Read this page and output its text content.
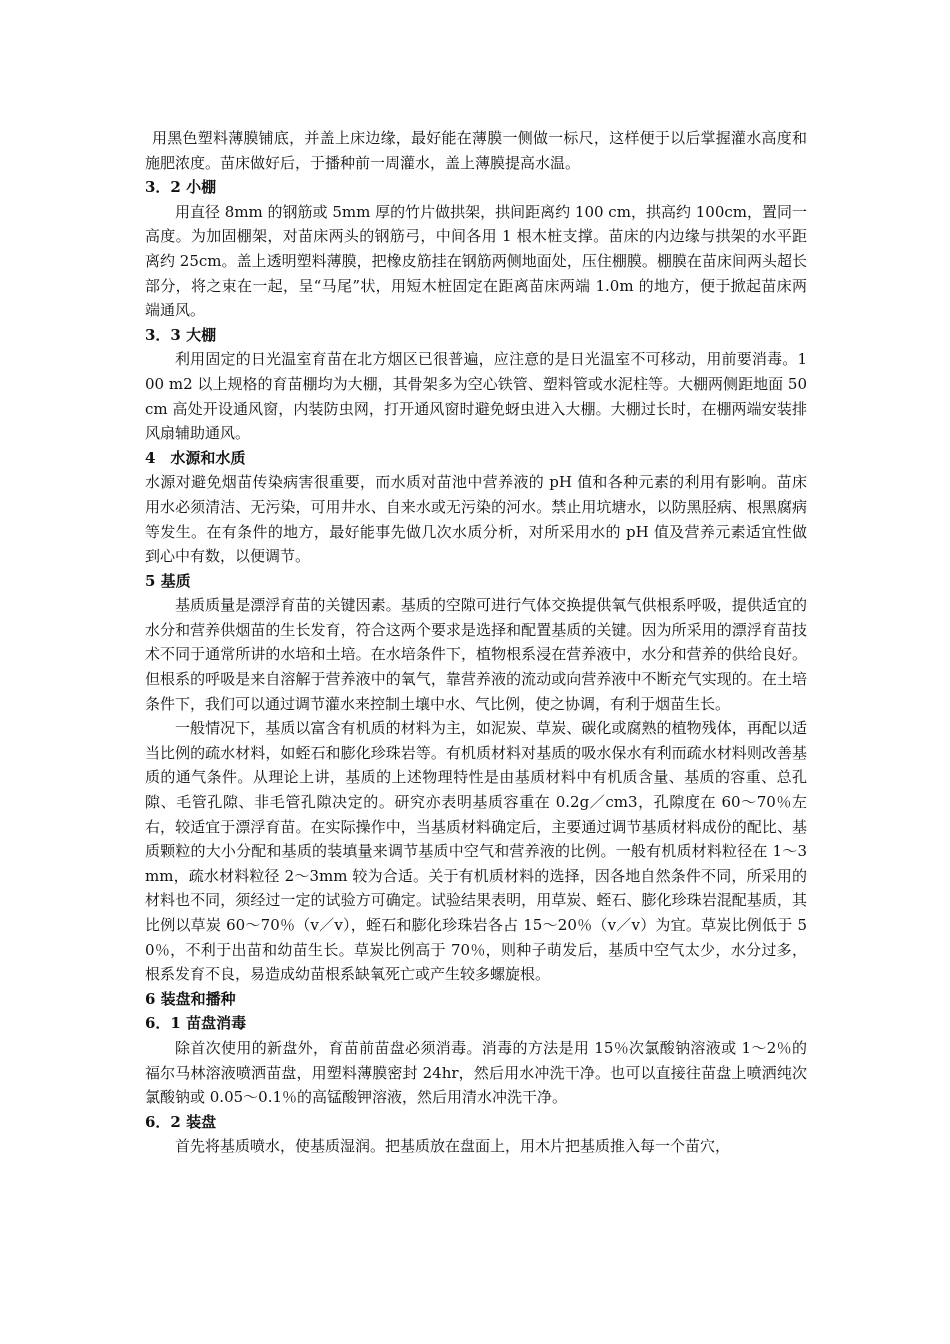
用黑色塑料薄膜铺底，并盖上床边缘，最好能在薄膜一侧做一标尺，这样便于以后掌握灌水高度和施肥浓度。苗床做好后，于播种前一周灌水，盖上薄膜提高水温。

3．2 小棚

用直径 8mm 的钢筋或 5mm 厚的竹片做拱架，拱间距离约 100 cm，拱高约 100cm，置同一高度。为加固棚架，对苗床两头的钢筋弓，中间各用 1 根木桩支撑。苗床的内边缘与拱架的水平距离约 25cm。盖上透明塑料薄膜，把橡皮筋挂在钢筋两侧地面处，压住棚膜。棚膜在苗床间两头超长部分，将之束在一起，呈“马尾”状，用短木桩固定在距离苗床两端 1.0m 的地方，便于掀起苗床两端通风。

3．3 大棚

利用固定的日光温室育苗在北方烟区已很普遍，应注意的是日光温室不可移动，用前要消毒。100 m2 以上规格的育苗棚均为大棚，其骨架多为空心铁管、塑料管或水泥柱等。大棚两侧距地面 50cm 高处开设通风窗，内装防虫网，打开通风窗时避免蚜虫进入大棚。大棚过长时，在棚两端安装排风扇辅助通风。

4　水源和水质

水源对避免烟苗传染病害很重要，而水质对苗池中营养液的 pH 值和各种元素的利用有影响。苗床用水必须清洁、无污染，可用井水、自来水或无污染的河水。禁止用坑塘水，以防黑胫病、根黑腐病等发生。在有条件的地方，最好能事先做几次水质分析，对所采用水的 pH 值及营养元素适宜性做到心中有数，以便调节。

5 基质

基质质量是漂浮育苗的关键因素。基质的空隙可进行气体交换提供氧气供根系呼吸，提供适宜的水分和营养供烟苗的生长发育，符合这两个要求是选择和配置基质的关键。因为所采用的漂浮育苗技术不同于通常所讲的水培和土培。在水培条件下，植物根系浸在营养液中，水分和营养的供给良好。但根系的呼吸是来自溶解于营养液中的氧气，靠营养液的流动或向营养液中不断充气实现的。在土培条件下，我们可以通过调节灌水来控制土壤中水、气比例，使之协调，有利于烟苗生长。

一般情况下，基质以富含有机质的材料为主，如泥炭、草炭、碳化或腐熟的植物残体，再配以适当比例的疏水材料，如蛭石和膨化珍珠岩等。有机质材料对基质的吸水保水有利而疏水材料则改善基质的通气条件。从理论上讲，基质的上述物理特性是由基质材料中有机质含量、基质的容重、总孔隙、毛管孔隙、非毛管孔隙决定的。研究亦表明基质容重在 0.2g／cm3，孔隙度在 60～70％左右，较适宜于漂浮育苗。在实际操作中，当基质材料确定后，主要通过调节基质材料成份的配比、基质颗粒的大小分配和基质的装填量来调节基质中空气和营养液的比例。一般有机质材料粒径在 1～3mm，疏水材料粒径 2～3mm 较为合适。关于有机质材料的选择，因各地自然条件不同，所采用的材料也不同，须经过一定的试验方可确定。试验结果表明，用草炭、蛭石、膨化珍珠岩混配基质，其比例以草炭 60～70％（v／v），蛭石和膨化珍珠岩各占 15～20％（v／v）为宜。草炭比例低于 50％，不利于出苗和幼苗生长。草炭比例高于 70％，则种子萌发后，基质中空气太少，水分过多，根系发育不良，易造成幼苗根系缺氧死亡或产生较多螺旋根。

6 装盘和播种

6．1 苗盘消毒

除首次使用的新盘外，育苗前苗盘必须消毒。消毒的方法是用 15％次氯酸钠溶液或 1～2％的福尔马林溶液喷洒苗盘，用塑料薄膜密封 24hr，然后用水冲洗干净。也可以直接往苗盘上喷洒纯次氯酸钠或 0.05～0.1％的高锰酸钾溶液，然后用清水冲洗干净。

6．2 装盘

首先将基质喷水，使基质湿润。把基质放在盘面上，用木片把基质推入每一个苗穴，
